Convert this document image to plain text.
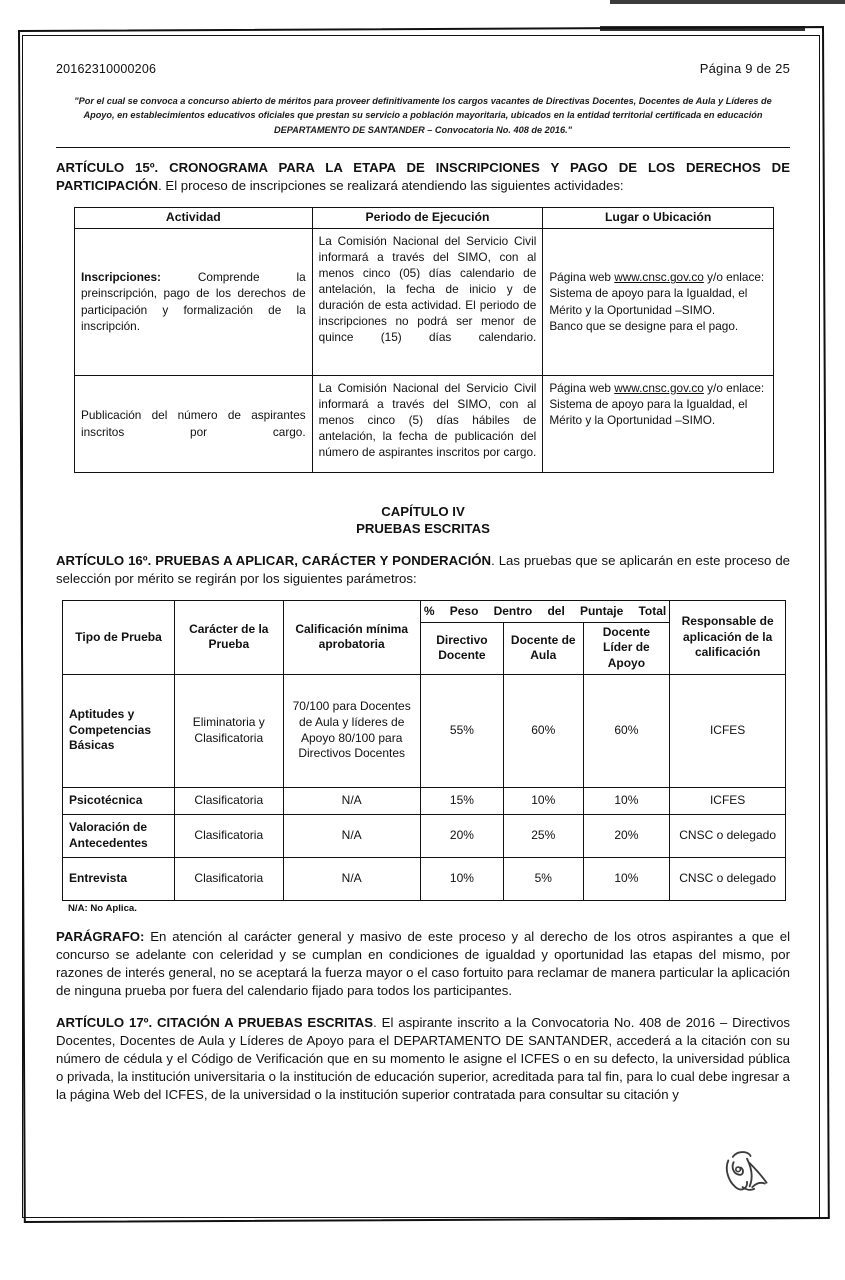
20162310000206	Página 9 de 25
"Por el cual se convoca a concurso abierto de méritos para proveer definitivamente los cargos vacantes de Directivas Docentes, Docentes de Aula y Líderes de Apoyo, en establecimientos educativos oficiales que prestan su servicio a población mayoritaria, ubicados en la entidad territorial certificada en educación DEPARTAMENTO DE SANTANDER – Convocatoria No. 408 de 2016."

ARTÍCULO 15º. CRONOGRAMA PARA LA ETAPA DE INSCRIPCIONES Y PAGO DE LOS DERECHOS DE PARTICIPACIÓN. El proceso de inscripciones se realizará atendiendo las siguientes actividades:

Actividad	Periodo de Ejecución	Lugar o Ubicación
Inscripciones: Comprende la preinscripción, pago de los derechos de participación y formalización de la inscripción.	La Comisión Nacional del Servicio Civil informará a través del SIMO, con al menos cinco (05) días calendario de antelación, la fecha de inicio y de duración de esta actividad. El periodo de inscripciones no podrá ser menor de quince (15) días calendario.	Página web www.cnsc.gov.co y/o enlace: Sistema de apoyo para la Igualdad, el Mérito y la Oportunidad –SIMO.
Banco que se designe para el pago.
Publicación del número de aspirantes inscritos por cargo.	La Comisión Nacional del Servicio Civil informará a través del SIMO, con al menos cinco (5) días hábiles de antelación, la fecha de publicación del número de aspirantes inscritos por cargo.	Página web www.cnsc.gov.co y/o enlace: Sistema de apoyo para la Igualdad, el Mérito y la Oportunidad –SIMO.
CAPÍTULO IV
PRUEBAS ESCRITAS

ARTÍCULO 16º. PRUEBAS A APLICAR, CARÁCTER Y PONDERACIÓN. Las pruebas que se aplicarán en este proceso de selección por mérito se regirán por los siguientes parámetros:

Tipo de Prueba	Carácter de la Prueba	Calificación mínima aprobatoria	% Peso Dentro del Puntaje Total			Responsable de aplicación de la calificación
			Directivo Docente	Docente de Aula	Docente Líder de Apoyo	
Aptitudes y Competencias Básicas	Eliminatoria y Clasificatoria	70/100 para Docentes de Aula y líderes de Apoyo 80/100 para Directivos Docentes	55%	60%	60%	ICFES
Psicotécnica	Clasificatoria	N/A	15%	10%	10%	ICFES
Valoración de Antecedentes	Clasificatoria	N/A	20%	25%	20%	CNSC o delegado
Entrevista	Clasificatoria	N/A	10%	5%	10%	CNSC o delegado
N/A: No Aplica.

PARÁGRAFO: En atención al carácter general y masivo de este proceso y al derecho de los otros aspirantes a que el concurso se adelante con celeridad y se cumplan en condiciones de igualdad y oportunidad las etapas del mismo, por razones de interés general, no se aceptará la fuerza mayor o el caso fortuito para reclamar de manera particular la aplicación de ninguna prueba por fuera del calendario fijado para todos los participantes.

ARTÍCULO 17º. CITACIÓN A PRUEBAS ESCRITAS. El aspirante inscrito a la Convocatoria No. 408 de 2016 – Directivos Docentes, Docentes de Aula y Líderes de Apoyo para el DEPARTAMENTO DE SANTANDER, accederá a la citación con su número de cédula y el Código de Verificación que en su momento le asigne el ICFES o en su defecto, la universidad pública o privada, la institución universitaria o la institución de educación superior, acreditada para tal fin, para lo cual debe ingresar a la página Web del ICFES, de la universidad o la institución superior contratada para consultar su citación y
